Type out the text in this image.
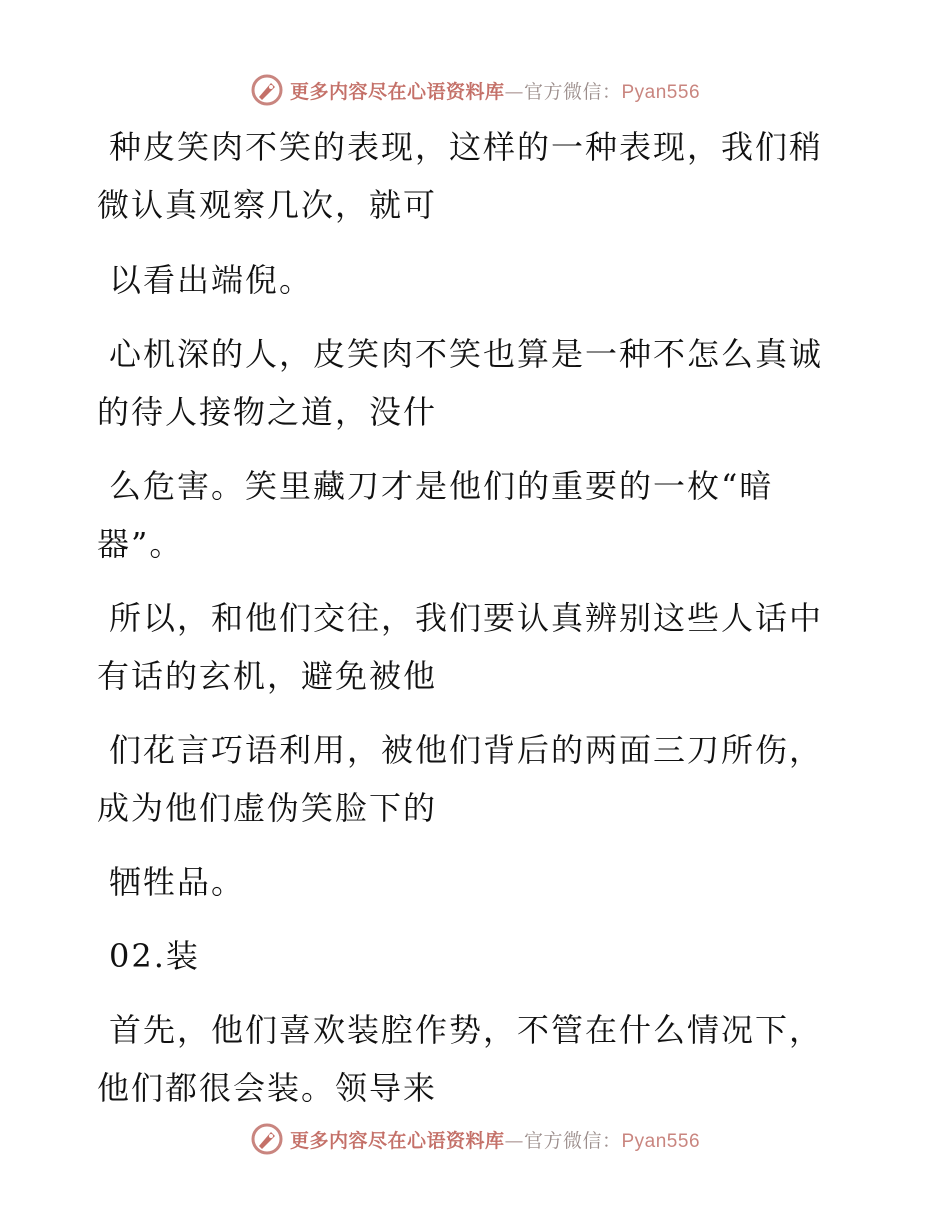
更多内容尽在心语资料库—官方微信：Pyan556
种皮笑肉不笑的表现，这样的一种表现，我们稍
微认真观察几次，就可
以看出端倪。
心机深的人，皮笑肉不笑也算是一种不怎么真诚
的待人接物之道，没什
么危害。笑里藏刀才是他们的重要的一枚“暗
器”。
所以，和他们交往，我们要认真辨别这些人话中
有话的玄机，避免被他
们花言巧语利用，被他们背后的两面三刀所伤，
成为他们虚伪笑脸下的
牺牲品。
02.装
首先，他们喜欢装腔作势，不管在什么情况下，
他们都很会装。领导来
更多内容尽在心语资料库—官方微信：Pyan556
